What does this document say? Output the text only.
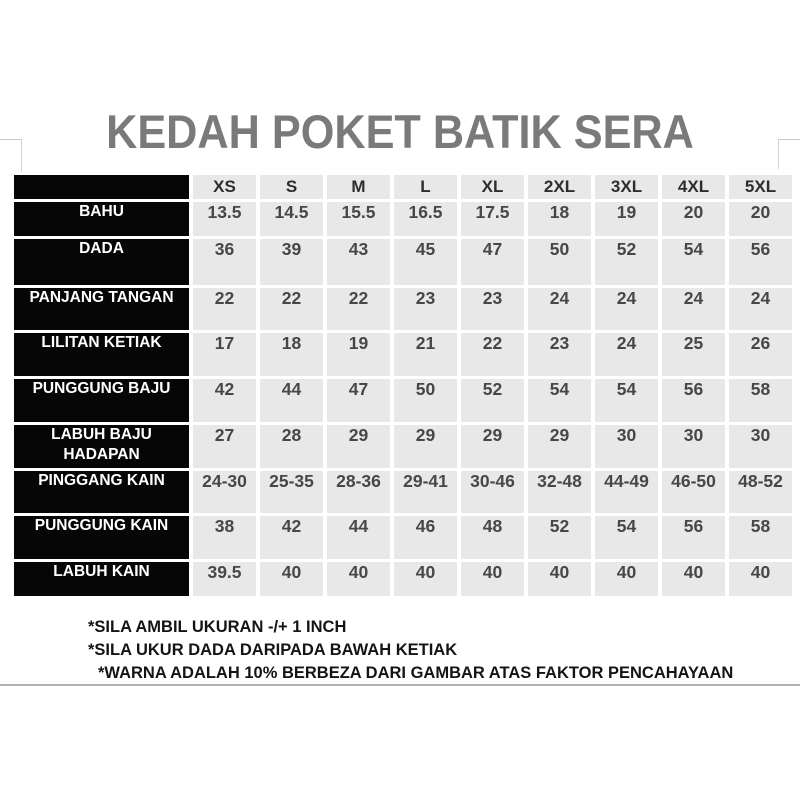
KEDAH POKET BATIK SERA
	XS	S	M	L	XL	2XL	3XL	4XL	5XL
BAHU	13.5	14.5	15.5	16.5	17.5	18	19	20	20
DADA	36	39	43	45	47	50	52	54	56
PANJANG TANGAN	22	22	22	23	23	24	24	24	24
LILITAN KETIAK	17	18	19	21	22	23	24	25	26
PUNGGUNG BAJU	42	44	47	50	52	54	54	56	58
LABUH BAJU HADAPAN	27	28	29	29	29	29	30	30	30
PINGGANG KAIN	24-30	25-35	28-36	29-41	30-46	32-48	44-49	46-50	48-52
PUNGGUNG KAIN	38	42	44	46	48	52	54	56	58
LABUH KAIN	39.5	40	40	40	40	40	40	40	40
*SILA AMBIL UKURAN -/+ 1 INCH
*SILA UKUR DADA DARIPADA BAWAH KETIAK
*WARNA ADALAH 10% BERBEZA DARI GAMBAR ATAS FAKTOR PENCAHAYAAN
